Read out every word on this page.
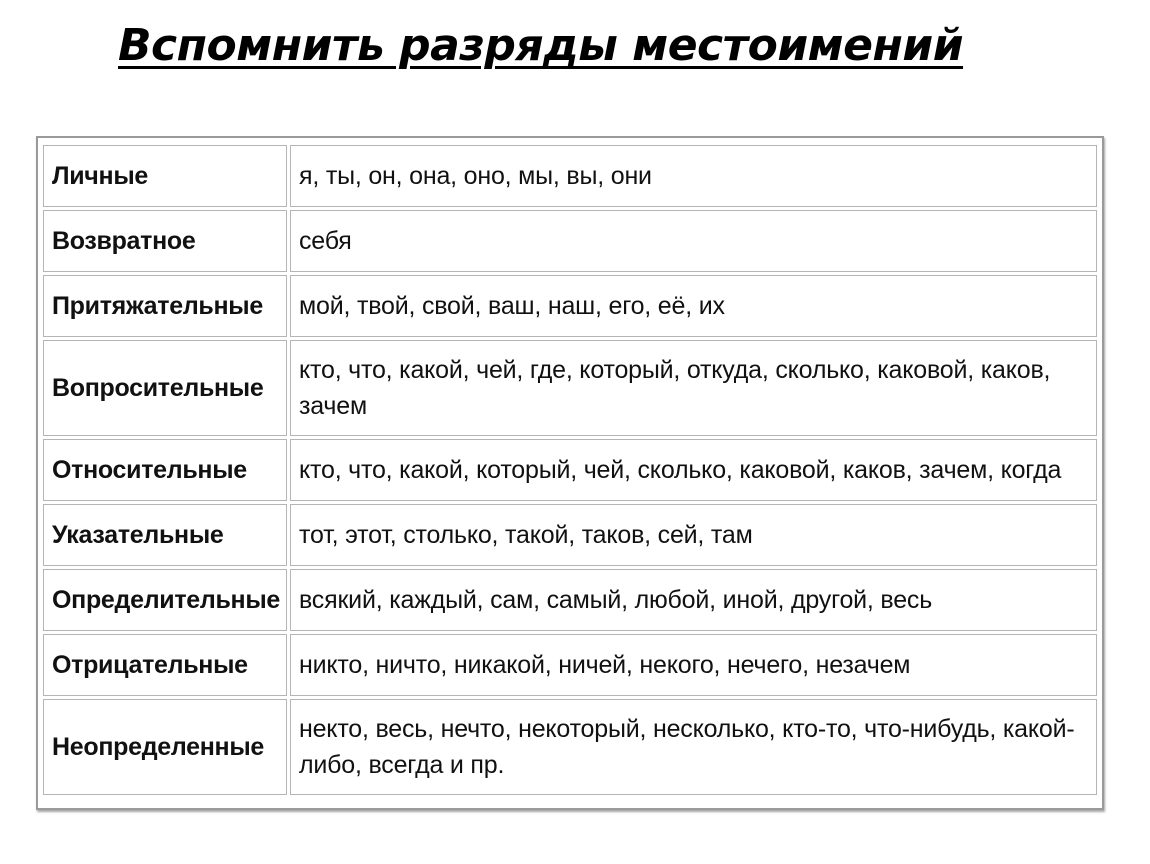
Вспомнить разряды местоимений
Личные	я, ты, он, она, оно, мы, вы, они
Возвратное	себя
Притяжательные	мой, твой, свой, ваш, наш, его, её, их
Вопросительные	кто, что, какой, чей, где, который, откуда, сколько, каковой, каков, зачем
Относительные	кто, что, какой, который, чей, сколько, каковой, каков, зачем, когда
Указательные	тот, этот, столько, такой, таков, сей, там
Определительные	всякий, каждый, сам, самый, любой, иной, другой, весь
Отрицательные	никто, ничто, никакой, ничей, некого, нечего, незачем
Неопределенные	некто, весь, нечто, некоторый, несколько, кто-то, что-нибудь, какой-либо, всегда и пр.
